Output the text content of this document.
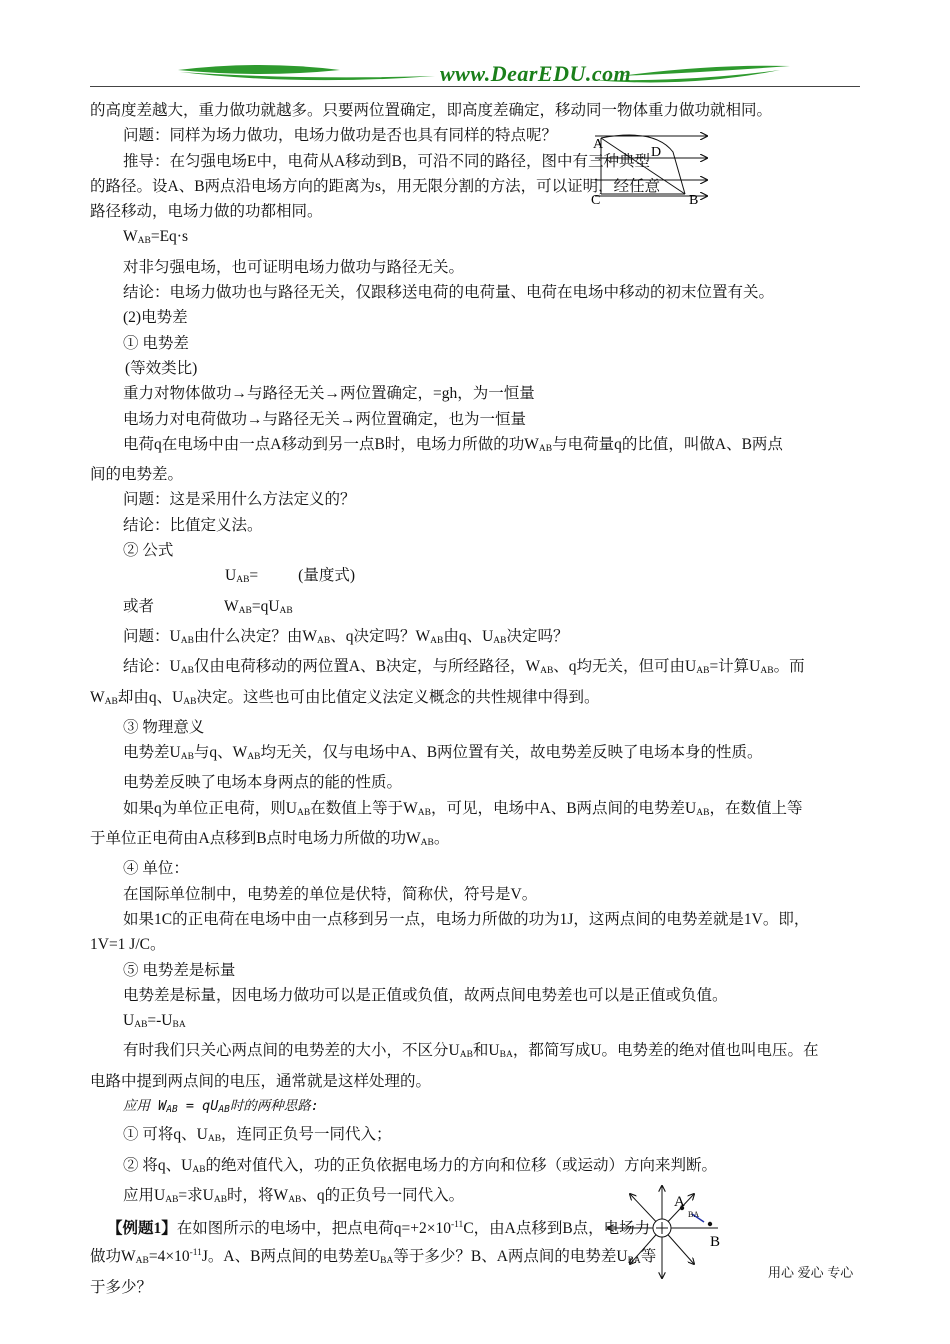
www.DearEDU.com

的高度差越大，重力做功就越多。只要两位置确定，即高度差确定，移动同一物体重力做功就相同。

问题：同样为场力做功，电场力做功是否也具有同样的特点呢？

推导：在匀强电场E中，电荷从A移动到B，可沿不同的路径，图中有三种典型

的路径。设A、B两点沿电场方向的距离为s，用无限分割的方法，可以证明，经任意

路径移动，电场力做的功都相同。

$W_{AB}=Eq\cdot s$

对非匀强电场，也可证明电场力做功与路径无关。

结论：电场力做功也与路径无关，仅跟移送电荷的电荷量、电荷在电场中移动的初末位置有关。

(2)电势差

① 电势差

(等效类比)

重力对物体做功→与路径无关→两位置确定，=gh，为一恒量

电场力对电荷做功→与路径无关→两位置确定，也为一恒量

电荷q在电场中由一点A移动到另一点B时，电场力所做的功$W_{AB}$与电荷量q的比值，叫做A、B两点

间的电势差。

问题：这是采用什么方法定义的？

结论：比值定义法。

② 公式

$U_{AB}=$	(量度式)

或者	$W_{AB}=qU_{AB}$

问题：$U_{AB}$由什么决定？由$W_{AB}$、q决定吗？$W_{AB}$由q、$U_{AB}$决定吗？

结论：$U_{AB}$仅由电荷移动的两位置A、B决定，与所经路径，$W_{AB}$、q均无关，但可由$U_{AB}=$计算$U_{AB}$。而

$W_{AB}$却由q、$U_{AB}$决定。这些也可由比值定义法定义概念的共性规律中得到。

③ 物理意义

电势差$U_{AB}$与q、$W_{AB}$均无关，仅与电场中A、B两位置有关，故电势差反映了电场本身的性质。

电势差反映了电场本身两点的能的性质。

如果q为单位正电荷，则$U_{AB}$在数值上等于$W_{AB}$，可见，电场中A、B两点间的电势差$U_{AB}$，在数值上等

于单位正电荷由A点移到B点时电场力所做的功$W_{AB}$。

④ 单位：

在国际单位制中，电势差的单位是伏特，简称伏，符号是V。

如果1C的正电荷在电场中由一点移到另一点，电场力所做的功为1J，这两点间的电势差就是1V。即，

1V=1 J/C。

⑤ 电势差是标量

电势差是标量，因电场力做功可以是正值或负值，故两点间电势差也可以是正值或负值。

$U_{AB}=-U_{BA}$

有时我们只关心两点间的电势差的大小，不区分$U_{AB}$和$U_{BA}$，都简写成U。电势差的绝对值也叫电压。在

电路中提到两点间的电压，通常就是这样处理的。

应用 $W_{AB} = qU_{AB}$时的两种思路:

① 可将q、$U_{AB}$，连同正负号一同代入；

② 将q、$U_{AB}$的绝对值代入，功的正负依据电场力的方向和位移（或运动）方向来判断。

应用$U_{AB}=$求$U_{AB}$时，将$W_{AB}$、q的正负号一同代入。

【例题1】在如图所示的电场中，把点电荷$q=+2\times 10^{-11}C$，由A点移到B点，电场力

做功$W_{AB}=4\times 10^{-11}J$。A、B两点间的电势差$U_{BA}$等于多少？B、A两点间的电势差$U_{BA}$等

于多少？

A
D
C	B
A
BA
B
用心 爱心 专心
